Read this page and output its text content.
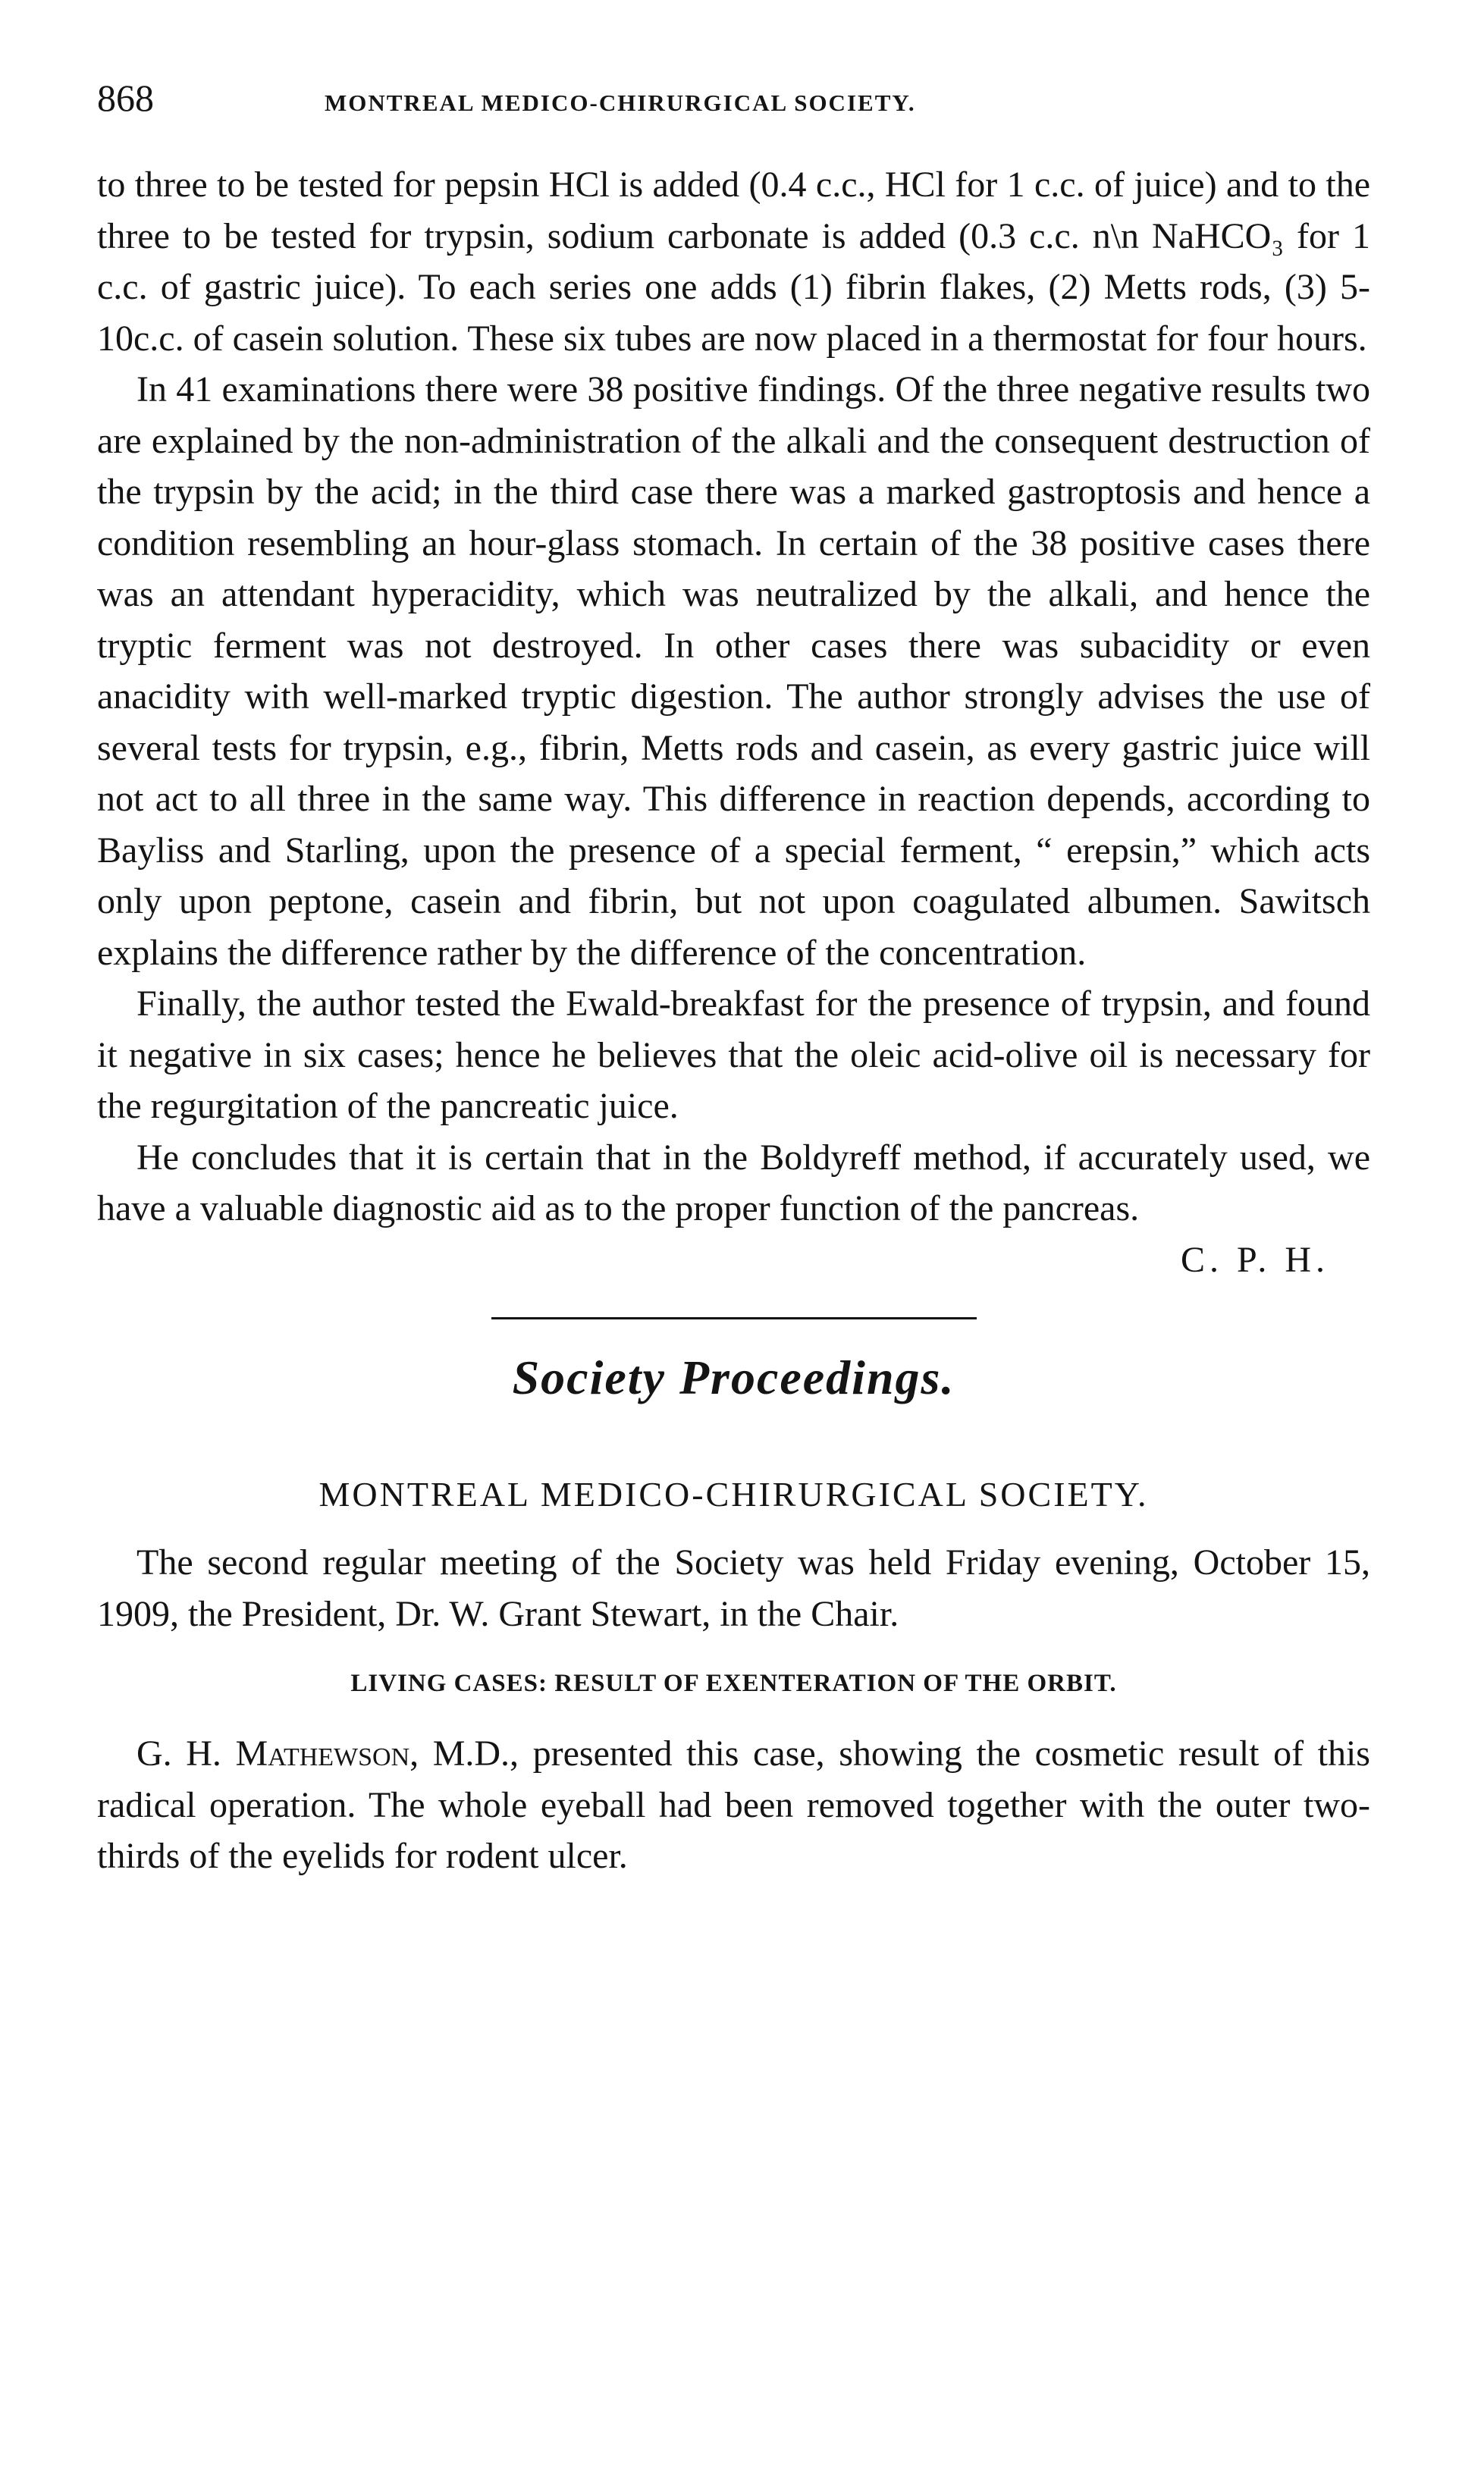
868	MONTREAL MEDICO-CHIRURGICAL SOCIETY.

to three to be tested for pepsin HCl is added (0.4 c.c., HCl for 1 c.c. of juice) and to the three to be tested for trypsin, sodium carbonate is added (0.3 c.c. n\n NaHCO₃ for 1 c.c. of gastric juice). To each series one adds (1) fibrin flakes, (2) Metts rods, (3) 5-10c.c. of casein solution. These six tubes are now placed in a thermostat for four hours.

In 41 examinations there were 38 positive findings. Of the three negative results two are explained by the non-administration of the alkali and the consequent destruction of the trypsin by the acid; in the third case there was a marked gastroptosis and hence a condition resembling an hour-glass stomach. In certain of the 38 positive cases there was an attendant hyperacidity, which was neutralized by the alkali, and hence the tryptic ferment was not destroyed. In other cases there was subacidity or even anacidity with well-marked tryptic digestion. The author strongly advises the use of several tests for trypsin, e.g., fibrin, Metts rods and casein, as every gastric juice will not act to all three in the same way. This difference in reaction depends, according to Bayliss and Starling, upon the presence of a special ferment, “ erepsin,” which acts only upon peptone, casein and fibrin, but not upon coagulated albumen. Sawitsch explains the difference rather by the difference of the concentration.

Finally, the author tested the Ewald-breakfast for the presence of trypsin, and found it negative in six cases; hence he believes that the oleic acid-olive oil is necessary for the regurgitation of the pancreatic juice.

He concludes that it is certain that in the Boldyreff method, if accurately used, we have a valuable diagnostic aid as to the proper function of the pancreas.

C. P. H.

Society Proceedings.
MONTREAL MEDICO-CHIRURGICAL SOCIETY.

The second regular meeting of the Society was held Friday evening, October 15, 1909, the President, Dr. W. Grant Stewart, in the Chair.

LIVING CASES: RESULT OF EXENTERATION OF THE ORBIT.

G. H. Mathewson, M.D., presented this case, showing the cosmetic result of this radical operation. The whole eyeball had been removed together with the outer two-thirds of the eyelids for rodent ulcer.
